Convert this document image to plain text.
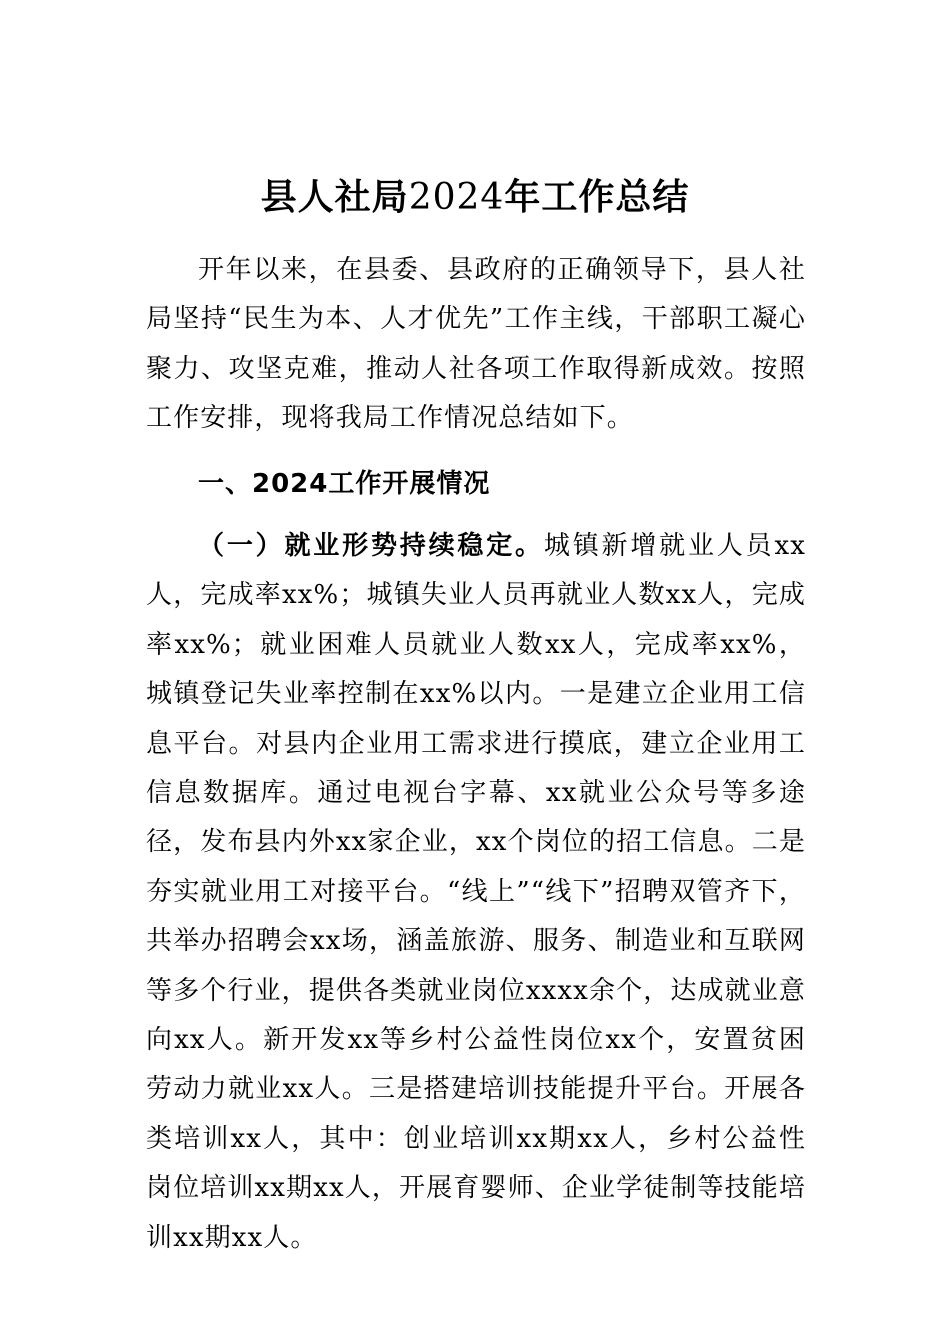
县人社局2024年工作总结

开年以来，在县委、县政府的正确领导下，县人社局坚持“民生为本、人才优先”工作主线，干部职工凝心聚力、攻坚克难，推动人社各项工作取得新成效。按照工作安排，现将我局工作情况总结如下。

一、2024工作开展情况

（一）就业形势持续稳定。城镇新增就业人员xx人，完成率xx%；城镇失业人员再就业人数xx人，完成率xx%；就业困难人员就业人数xx人，完成率xx%，城镇登记失业率控制在xx%以内。一是建立企业用工信息平台。对县内企业用工需求进行摸底，建立企业用工信息数据库。通过电视台字幕、xx就业公众号等多途径，发布县内外xx家企业，xx个岗位的招工信息。二是夯实就业用工对接平台。“线上”“线下”招聘双管齐下，共举办招聘会xx场，涵盖旅游、服务、制造业和互联网等多个行业，提供各类就业岗位xxxx余个，达成就业意向xx人。新开发xx等乡村公益性岗位xx个，安置贫困劳动力就业xx人。三是搭建培训技能提升平台。开展各类培训xx人，其中：创业培训xx期xx人，乡村公益性岗位培训xx期xx人，开展育婴师、企业学徒制等技能培训xx期xx人。
